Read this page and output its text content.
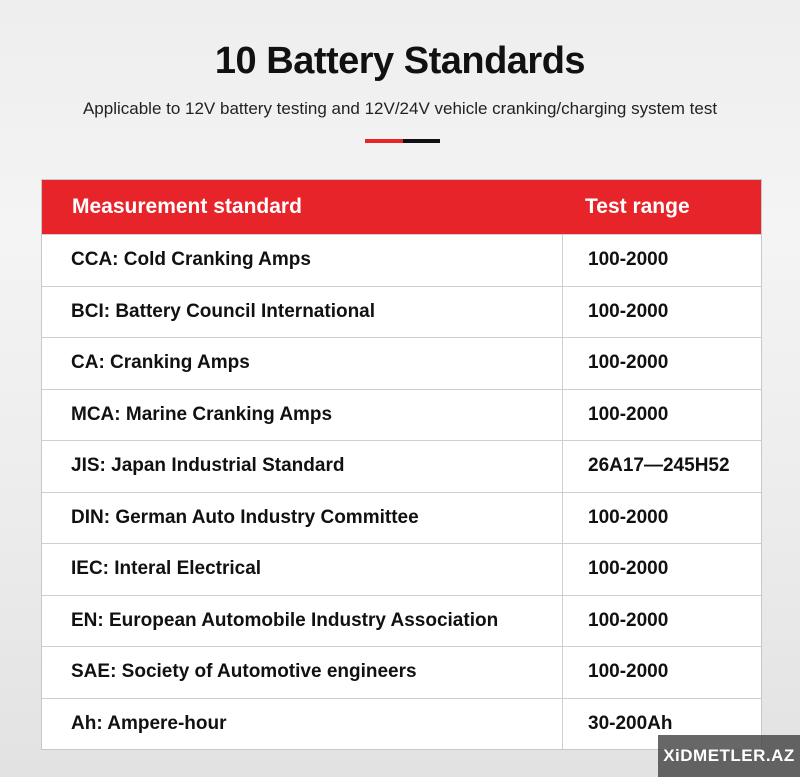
10 Battery Standards
Applicable to 12V battery testing and 12V/24V vehicle cranking/charging system test
Measurement standard	Test range
CCA: Cold Cranking Amps	100-2000
BCI: Battery Council International	100-2000
CA: Cranking Amps	100-2000
MCA: Marine Cranking Amps	100-2000
JIS: Japan Industrial Standard	26A17—245H52
DIN: German Auto Industry Committee	100-2000
IEC: Interal Electrical	100-2000
EN: European Automobile Industry Association	100-2000
SAE: Society of Automotive engineers	100-2000
Ah: Ampere-hour	30-200Ah
XiDMETLER.AZ
